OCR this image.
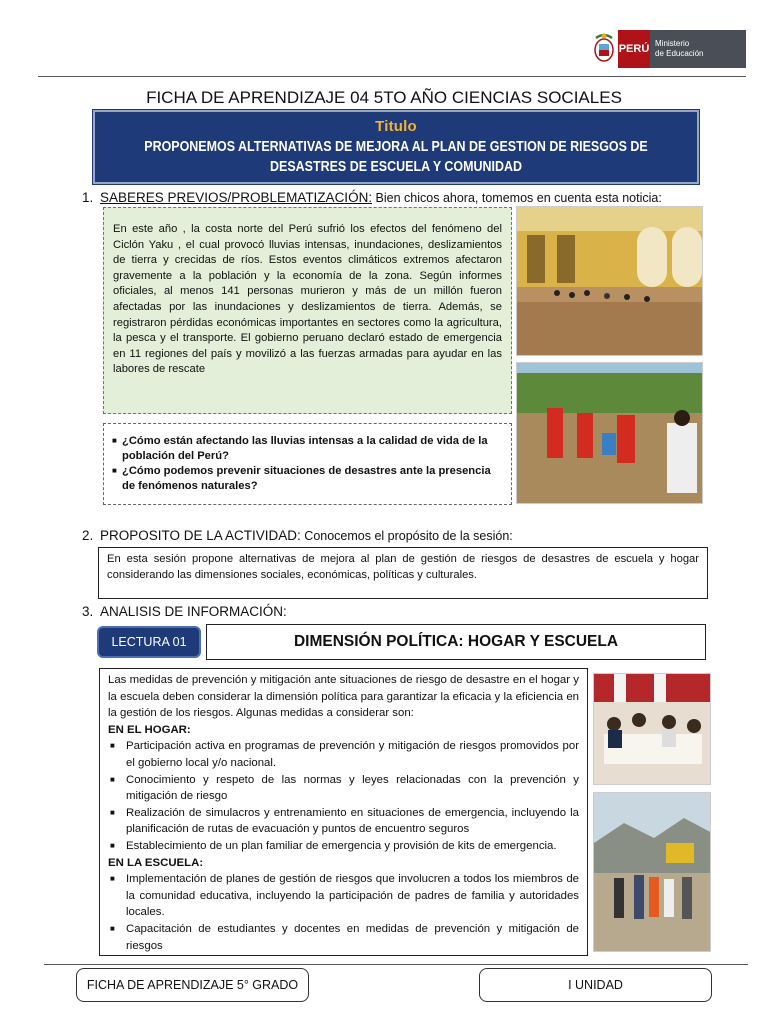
PERÚ Ministerio
de Educación
FICHA DE APRENDIZAJE 04 5TO AÑO CIENCIAS SOCIALES
Titulo
PROPONEMOS ALTERNATIVAS DE MEJORA AL PLAN DE GESTION DE RIESGOS DE DESASTRES DE ESCUELA Y COMUNIDAD
1. SABERES PREVIOS/PROBLEMATIZACIÓN: Bien chicos ahora, tomemos en cuenta esta noticia:
En este año , la costa norte del Perú sufrió los efectos del fenómeno del Ciclón Yaku , el cual provocó lluvias intensas, inundaciones, deslizamientos de tierra y crecidas de ríos. Estos eventos climáticos extremos afectaron gravemente a la población y la economía de la zona. Según informes oficiales, al menos 141 personas murieron y más de un millón fueron afectadas por las inundaciones y deslizamientos de tierra. Además, se registraron pérdidas económicas importantes en sectores como la agricultura, la pesca y el transporte. El gobierno peruano declaró estado de emergencia en 11 regiones del país y movilizó a las fuerzas armadas para ayudar en las labores de rescate
■ ¿Cómo están afectando las lluvias intensas a la calidad de vida de la población del Perú?
■ ¿Cómo podemos prevenir situaciones de desastres ante la presencia de fenómenos naturales?
2. PROPOSITO DE LA ACTIVIDAD: Conocemos el propósito de la sesión:
En esta sesión propone alternativas de mejora al plan de gestión de riesgos de desastres de escuela y hogar considerando las dimensiones sociales, económicas, políticas y culturales.
3. ANALISIS DE INFORMACIÓN:
LECTURA 01	DIMENSIÓN POLÍTICA: HOGAR Y ESCUELA
Las medidas de prevención y mitigación ante situaciones de riesgo de desastre en el hogar y la escuela deben considerar la dimensión política para garantizar la eficacia y la eficiencia en la gestión de los riesgos. Algunas medidas a considerar son:
EN EL HOGAR:
■ Participación activa en programas de prevención y mitigación de riesgos promovidos por el gobierno local y/o nacional.
■ Conocimiento y respeto de las normas y leyes relacionadas con la prevención y mitigación de riesgo
■ Realización de simulacros y entrenamiento en situaciones de emergencia, incluyendo la planificación de rutas de evacuación y puntos de encuentro seguros
■ Establecimiento de un plan familiar de emergencia y provisión de kits de emergencia.
EN LA ESCUELA:
■ Implementación de planes de gestión de riesgos que involucren a todos los miembros de la comunidad educativa, incluyendo la participación de padres de familia y autoridades locales.
■ Capacitación de estudiantes y docentes en medidas de prevención y mitigación de riesgos
FICHA DE APRENDIZAJE 5° GRADO	I UNIDAD
